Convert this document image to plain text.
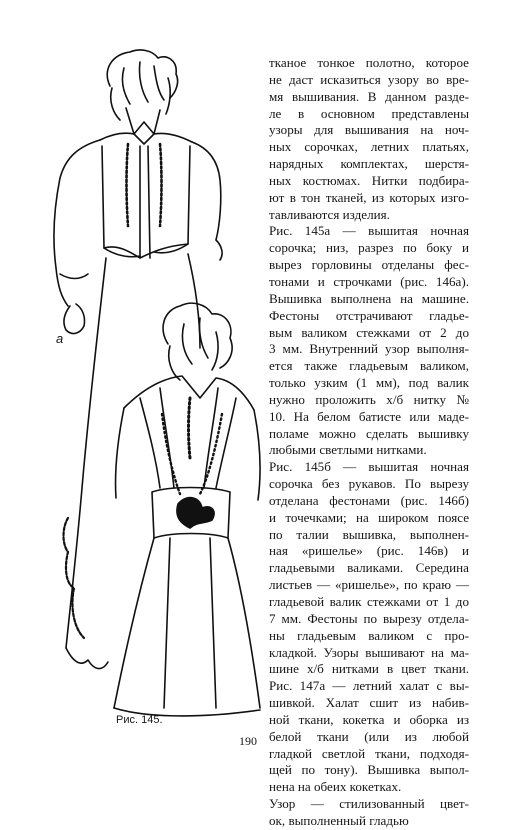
а
Рис. 145.
тканое тонкое полотно, которое
не даст исказиться узору во вре-
мя вышивания. В данном разде-
ле в основном представлены
узоры для вышивания на ноч-
ных сорочках, летних платьях,
нарядных комплектах, шерстя-
ных костюмах. Нитки подбира-
ют в тон тканей, из которых изго-
тавливаются изделия.
Рис. 145а — вышитая ночная
сорочка; низ, разрез по боку и
вырез горловины отделаны фес-
тонами и строчками (рис. 146а).
Вышивка выполнена на машине.
Фестоны отстрачивают гладье-
вым валиком стежками от 2 до
3 мм. Внутренний узор выполня-
ется также гладьевым валиком,
только узким (1 мм), под валик
нужно проложить х/б нитку №
10. На белом батисте или мадe-
поламе можно сделать вышивку
любыми светлыми нитками.
Рис. 145б — вышитая ночная
сорочка без рукавов. По вырезу
отделана фестонами (рис. 146б)
и точечками; на широком поясе
по талии вышивка, выполнен-
ная «ришелье» (рис. 146в) и
гладьевыми валиками. Середина
листьев — «ришелье», по краю —
гладьевой валик стежками от 1 до
7 мм. Фестоны по вырезу отдела-
ны гладьевым валиком с про-
кладкой. Узоры вышивают на ма-
шине х/б нитками в цвет ткани.
Рис. 147а — летний халат с вы-
шивкой. Халат сшит из набив-
ной ткани, кокетка и оборка из
белой ткани (или из любой
гладкой светлой ткани, подходя-
щей по тону). Вышивка выпол-
нена на обеих кокетках.
Узор — стилизованный цвет-
ок, выполненный гладью
190
